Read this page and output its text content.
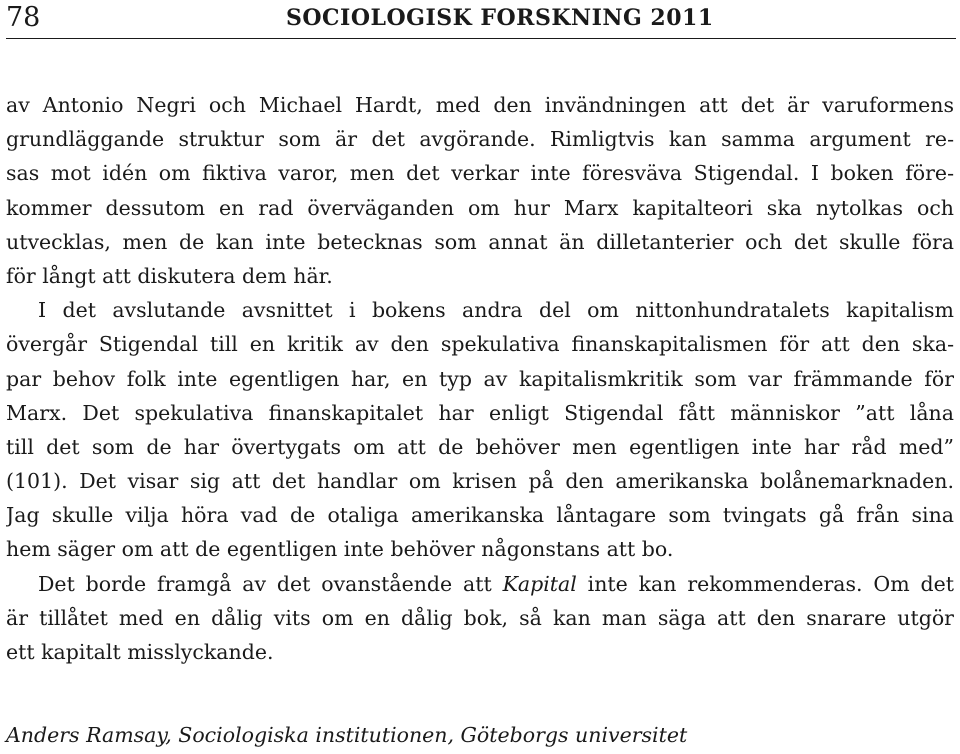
78	SOCIOLOGISK FORSKNING 2011
av Antonio Negri och Michael Hardt, med den invändningen att det är varuformens
grundläggande struktur som är det avgörande. Rimligtvis kan samma argument re-
sas mot idén om fiktiva varor, men det verkar inte föresväva Stigendal. I boken före-
kommer dessutom en rad överväganden om hur Marx kapitalteori ska nytolkas och
utvecklas, men de kan inte betecknas som annat än dilletanterier och det skulle föra
för långt att diskutera dem här.
I det avslutande avsnittet i bokens andra del om nittonhundratalets kapitalism
övergår Stigendal till en kritik av den spekulativa finanskapitalismen för att den ska-
par behov folk inte egentligen har, en typ av kapitalismkritik som var främmande för
Marx. Det spekulativa finanskapitalet har enligt Stigendal fått människor ”att låna
till det som de har övertygats om att de behöver men egentligen inte har råd med”
(101). Det visar sig att det handlar om krisen på den amerikanska bolånemarknaden.
Jag skulle vilja höra vad de otaliga amerikanska låntagare som tvingats gå från sina
hem säger om att de egentligen inte behöver någonstans att bo.
Det borde framgå av det ovanstående att Kapital inte kan rekommenderas. Om det
är tillåtet med en dålig vits om en dålig bok, så kan man säga att den snarare utgör
ett kapitalt misslyckande.
Anders Ramsay, Sociologiska institutionen, Göteborgs universitet
